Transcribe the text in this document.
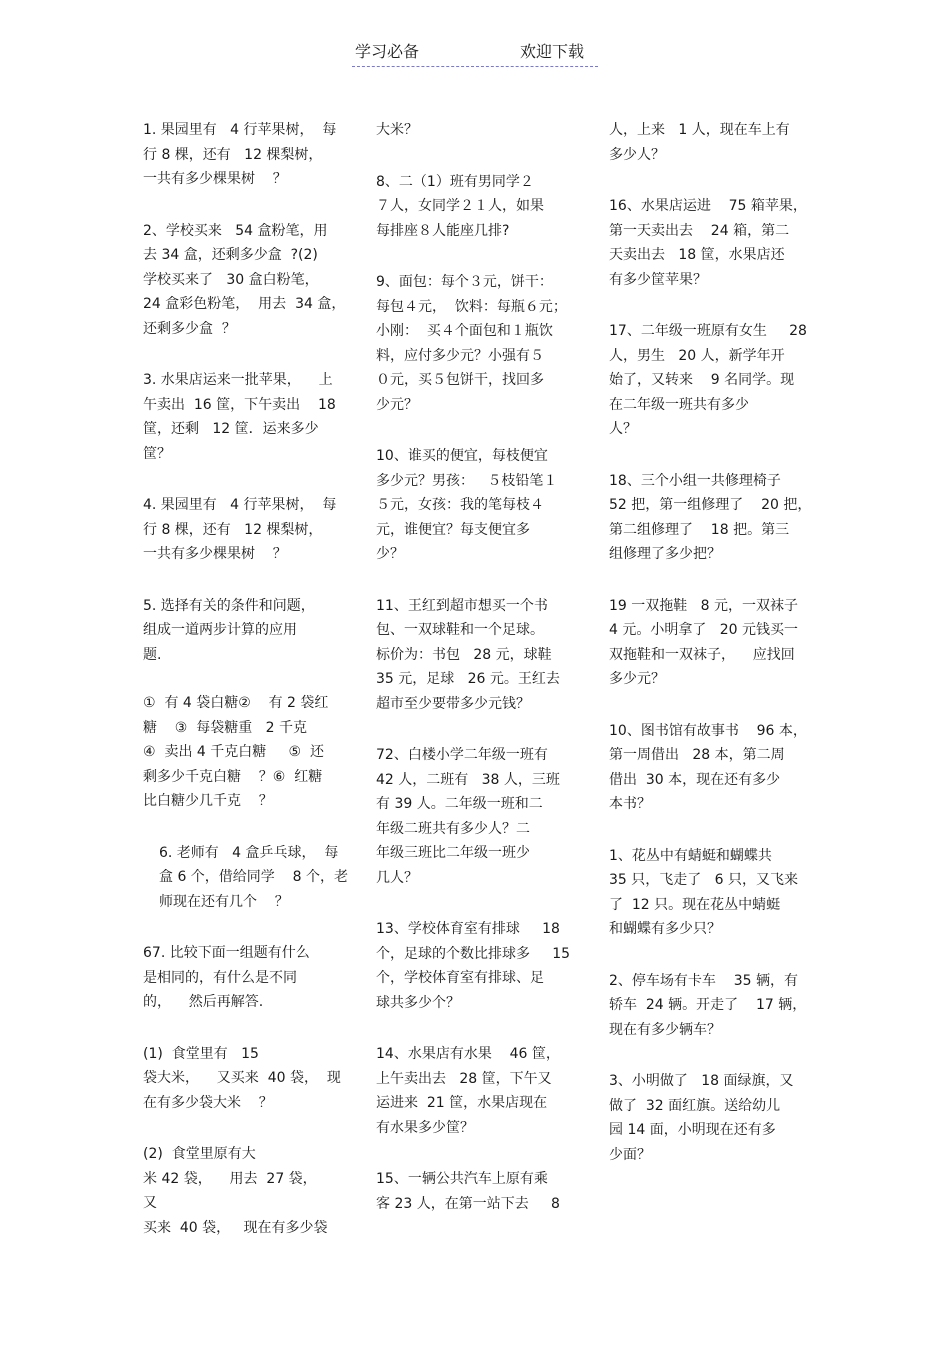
学习必备	欢迎下载

1. 果园里有   4 行苹果树，  每
行 8 棵，还有   12 棵梨树，
一共有多少棵果树    ？

2、学校买来   54 盒粉笔，用
去 34 盒，还剩多少盒  ?(2)
学校买来了   30 盒白粉笔，
24 盒彩色粉笔，  用去  34 盒，
还剩多少盒  ？

3. 水果店运来一批苹果，    上
午卖出  16 筐，下午卖出    18
筐，还剩   12 筐．运来多少
筐？

4. 果园里有   4 行苹果树，  每
行 8 棵，还有   12 棵梨树，
一共有多少棵果树    ？

5. 选择有关的条件和问题，
组成一道两步计算的应用
题.

①  有 4 袋白糖②    有 2 袋红
糖    ③  每袋糖重   2 千克
④  卖出 4 千克白糖     ⑤  还
剩多少千克白糖    ？⑥  红糖
比白糖少几千克    ？

6. 老师有   4 盒乒乓球，  每
盒 6 个，借给同学    8 个，老
师现在还有几个    ？

67. 比较下面一组题有什么
是相同的，有什么是不同
的，    然后再解答.

(1)  食堂里有   15
袋大米，    又买来  40 袋，  现
在有多少袋大米    ？

(2)  食堂里原有大
米 42 袋，    用去  27 袋，    又
买来  40 袋，   现在有多少袋

大米？

8、二（1）班有男同学２
７人，女同学２１人，如果
每排座８人能座几排?

9、面包：每个３元，饼干：
每包４元，  饮料：每瓶６元；
小刚：  买４个面包和１瓶饮
料，应付多少元？小强有５
０元，买５包饼干，找回多
少元？

10、谁买的便宜，每枝便宜
多少元？男孩：   ５枝铅笔１
５元，女孩：我的笔每枝４
元，谁便宜？每支便宜多
少？

11、王红到超市想买一个书
包、一双球鞋和一个足球。
标价为：书包   28 元，球鞋
35 元，足球   26 元。王红去
超市至少要带多少元钱？

72、白楼小学二年级一班有
42 人，二班有   38 人，三班
有 39 人。二年级一班和二
年级二班共有多少人？二
年级三班比二年级一班少
几人？

13、学校体育室有排球     18
个，足球的个数比排球多     15
个，学校体育室有排球、足
球共多少个？

14、水果店有水果    46 筐，
上午卖出去   28 筐，下午又
运进来  21 筐，水果店现在
有水果多少筐？

15、一辆公共汽车上原有乘
客 23 人，在第一站下去     8

人，上来   1 人，现在车上有
多少人？

16、水果店运进    75 箱苹果，
第一天卖出去    24 箱，第二
天卖出去   18 筐，水果店还
有多少筐苹果？

17、二年级一班原有女生     28
人，男生   20 人，新学年开
始了，又转来    9 名同学。现
在二年级一班共有多少
人？

18、三个小组一共修理椅子
52 把，第一组修理了    20 把，
第二组修理了    18 把。第三
组修理了多少把？

19 一双拖鞋   8 元，一双袜子
4 元。小明拿了   20 元钱买一
双拖鞋和一双袜子，    应找回
多少元？

10、图书馆有故事书    96 本，
第一周借出   28 本，第二周
借出  30 本，现在还有多少
本书？

1、花丛中有蜻蜓和蝴蝶共
35 只，飞走了   6 只，又飞来
了  12 只。现在花丛中蜻蜓
和蝴蝶有多少只？

2、停车场有卡车    35 辆，有
轿车  24 辆。开走了    17 辆，
现在有多少辆车？

3、小明做了   18 面绿旗，又
做了  32 面红旗。送给幼儿
园 14 面，小明现在还有多
少面？
